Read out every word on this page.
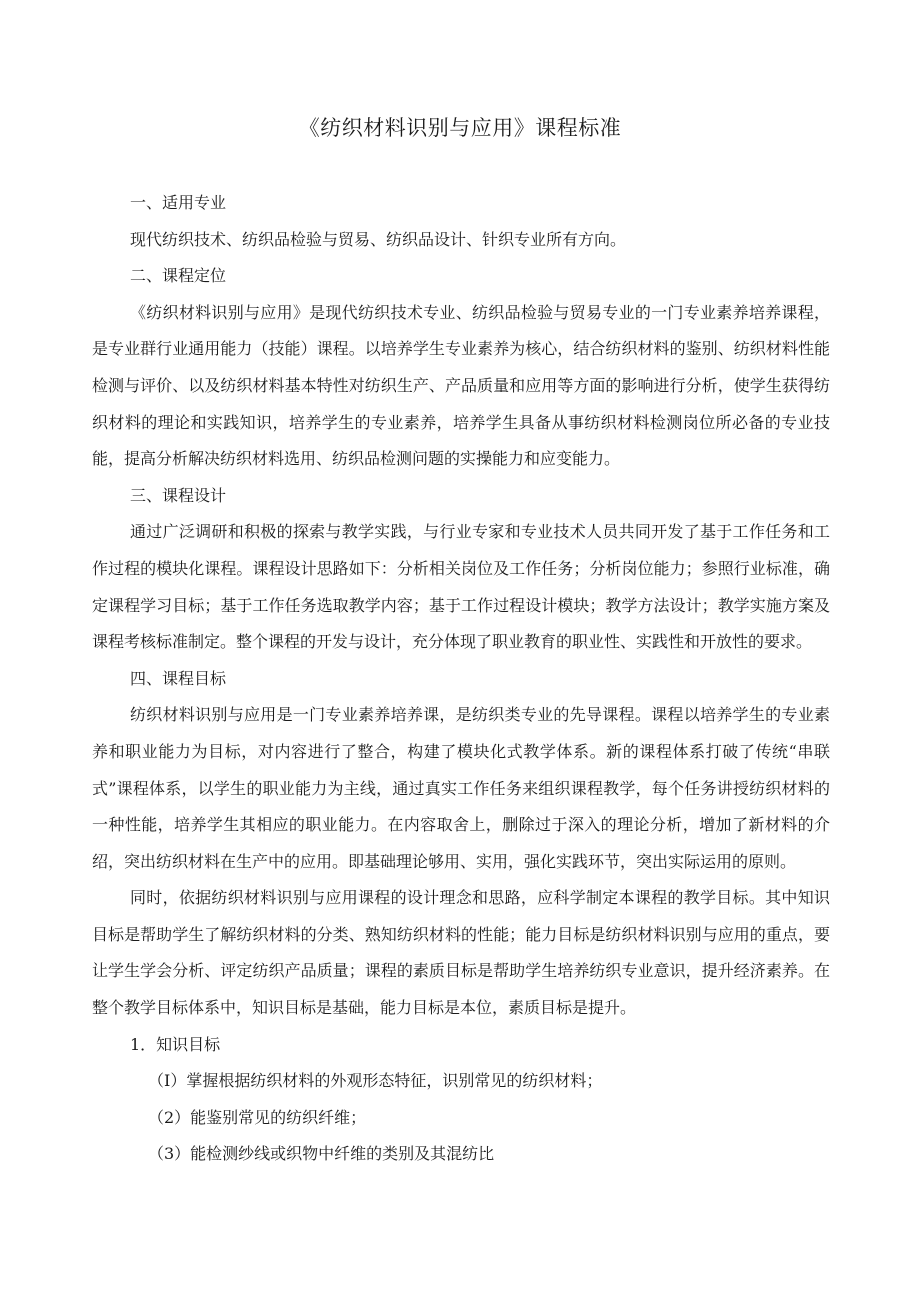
《纺织材料识别与应用》课程标准

一、适用专业

现代纺织技术、纺织品检验与贸易、纺织品设计、针织专业所有方向。

二、课程定位

《纺织材料识别与应用》是现代纺织技术专业、纺织品检验与贸易专业的一门专业素养培养课程，是专业群行业通用能力（技能）课程。以培养学生专业素养为核心，结合纺织材料的鉴别、纺织材料性能检测与评价、以及纺织材料基本特性对纺织生产、产品质量和应用等方面的影响进行分析，使学生获得纺织材料的理论和实践知识，培养学生的专业素养，培养学生具备从事纺织材料检测岗位所必备的专业技能，提高分析解决纺织材料选用、纺织品检测问题的实操能力和应变能力。

三、课程设计

通过广泛调研和积极的探索与教学实践，与行业专家和专业技术人员共同开发了基于工作任务和工作过程的模块化课程。课程设计思路如下：分析相关岗位及工作任务；分析岗位能力；参照行业标准，确定课程学习目标；基于工作任务选取教学内容；基于工作过程设计模块；教学方法设计；教学实施方案及课程考核标准制定。整个课程的开发与设计，充分体现了职业教育的职业性、实践性和开放性的要求。

四、课程目标

纺织材料识别与应用是一门专业素养培养课，是纺织类专业的先导课程。课程以培养学生的专业素养和职业能力为目标，对内容进行了整合，构建了模块化式教学体系。新的课程体系打破了传统“串联式”课程体系，以学生的职业能力为主线，通过真实工作任务来组织课程教学，每个任务讲授纺织材料的一种性能，培养学生其相应的职业能力。在内容取舍上，删除过于深入的理论分析，增加了新材料的介绍，突出纺织材料在生产中的应用。即基础理论够用、实用，强化实践环节，突出实际运用的原则。

同时，依据纺织材料识别与应用课程的设计理念和思路，应科学制定本课程的教学目标。其中知识目标是帮助学生了解纺织材料的分类、熟知纺织材料的性能；能力目标是纺织材料识别与应用的重点，要让学生学会分析、评定纺织产品质量；课程的素质目标是帮助学生培养纺织专业意识，提升经济素养。在整个教学目标体系中，知识目标是基础，能力目标是本位，素质目标是提升。

1．知识目标

（I）掌握根据纺织材料的外观形态特征，识别常见的纺织材料；

（2）能鉴别常见的纺织纤维；

（3）能检测纱线或织物中纤维的类别及其混纺比
